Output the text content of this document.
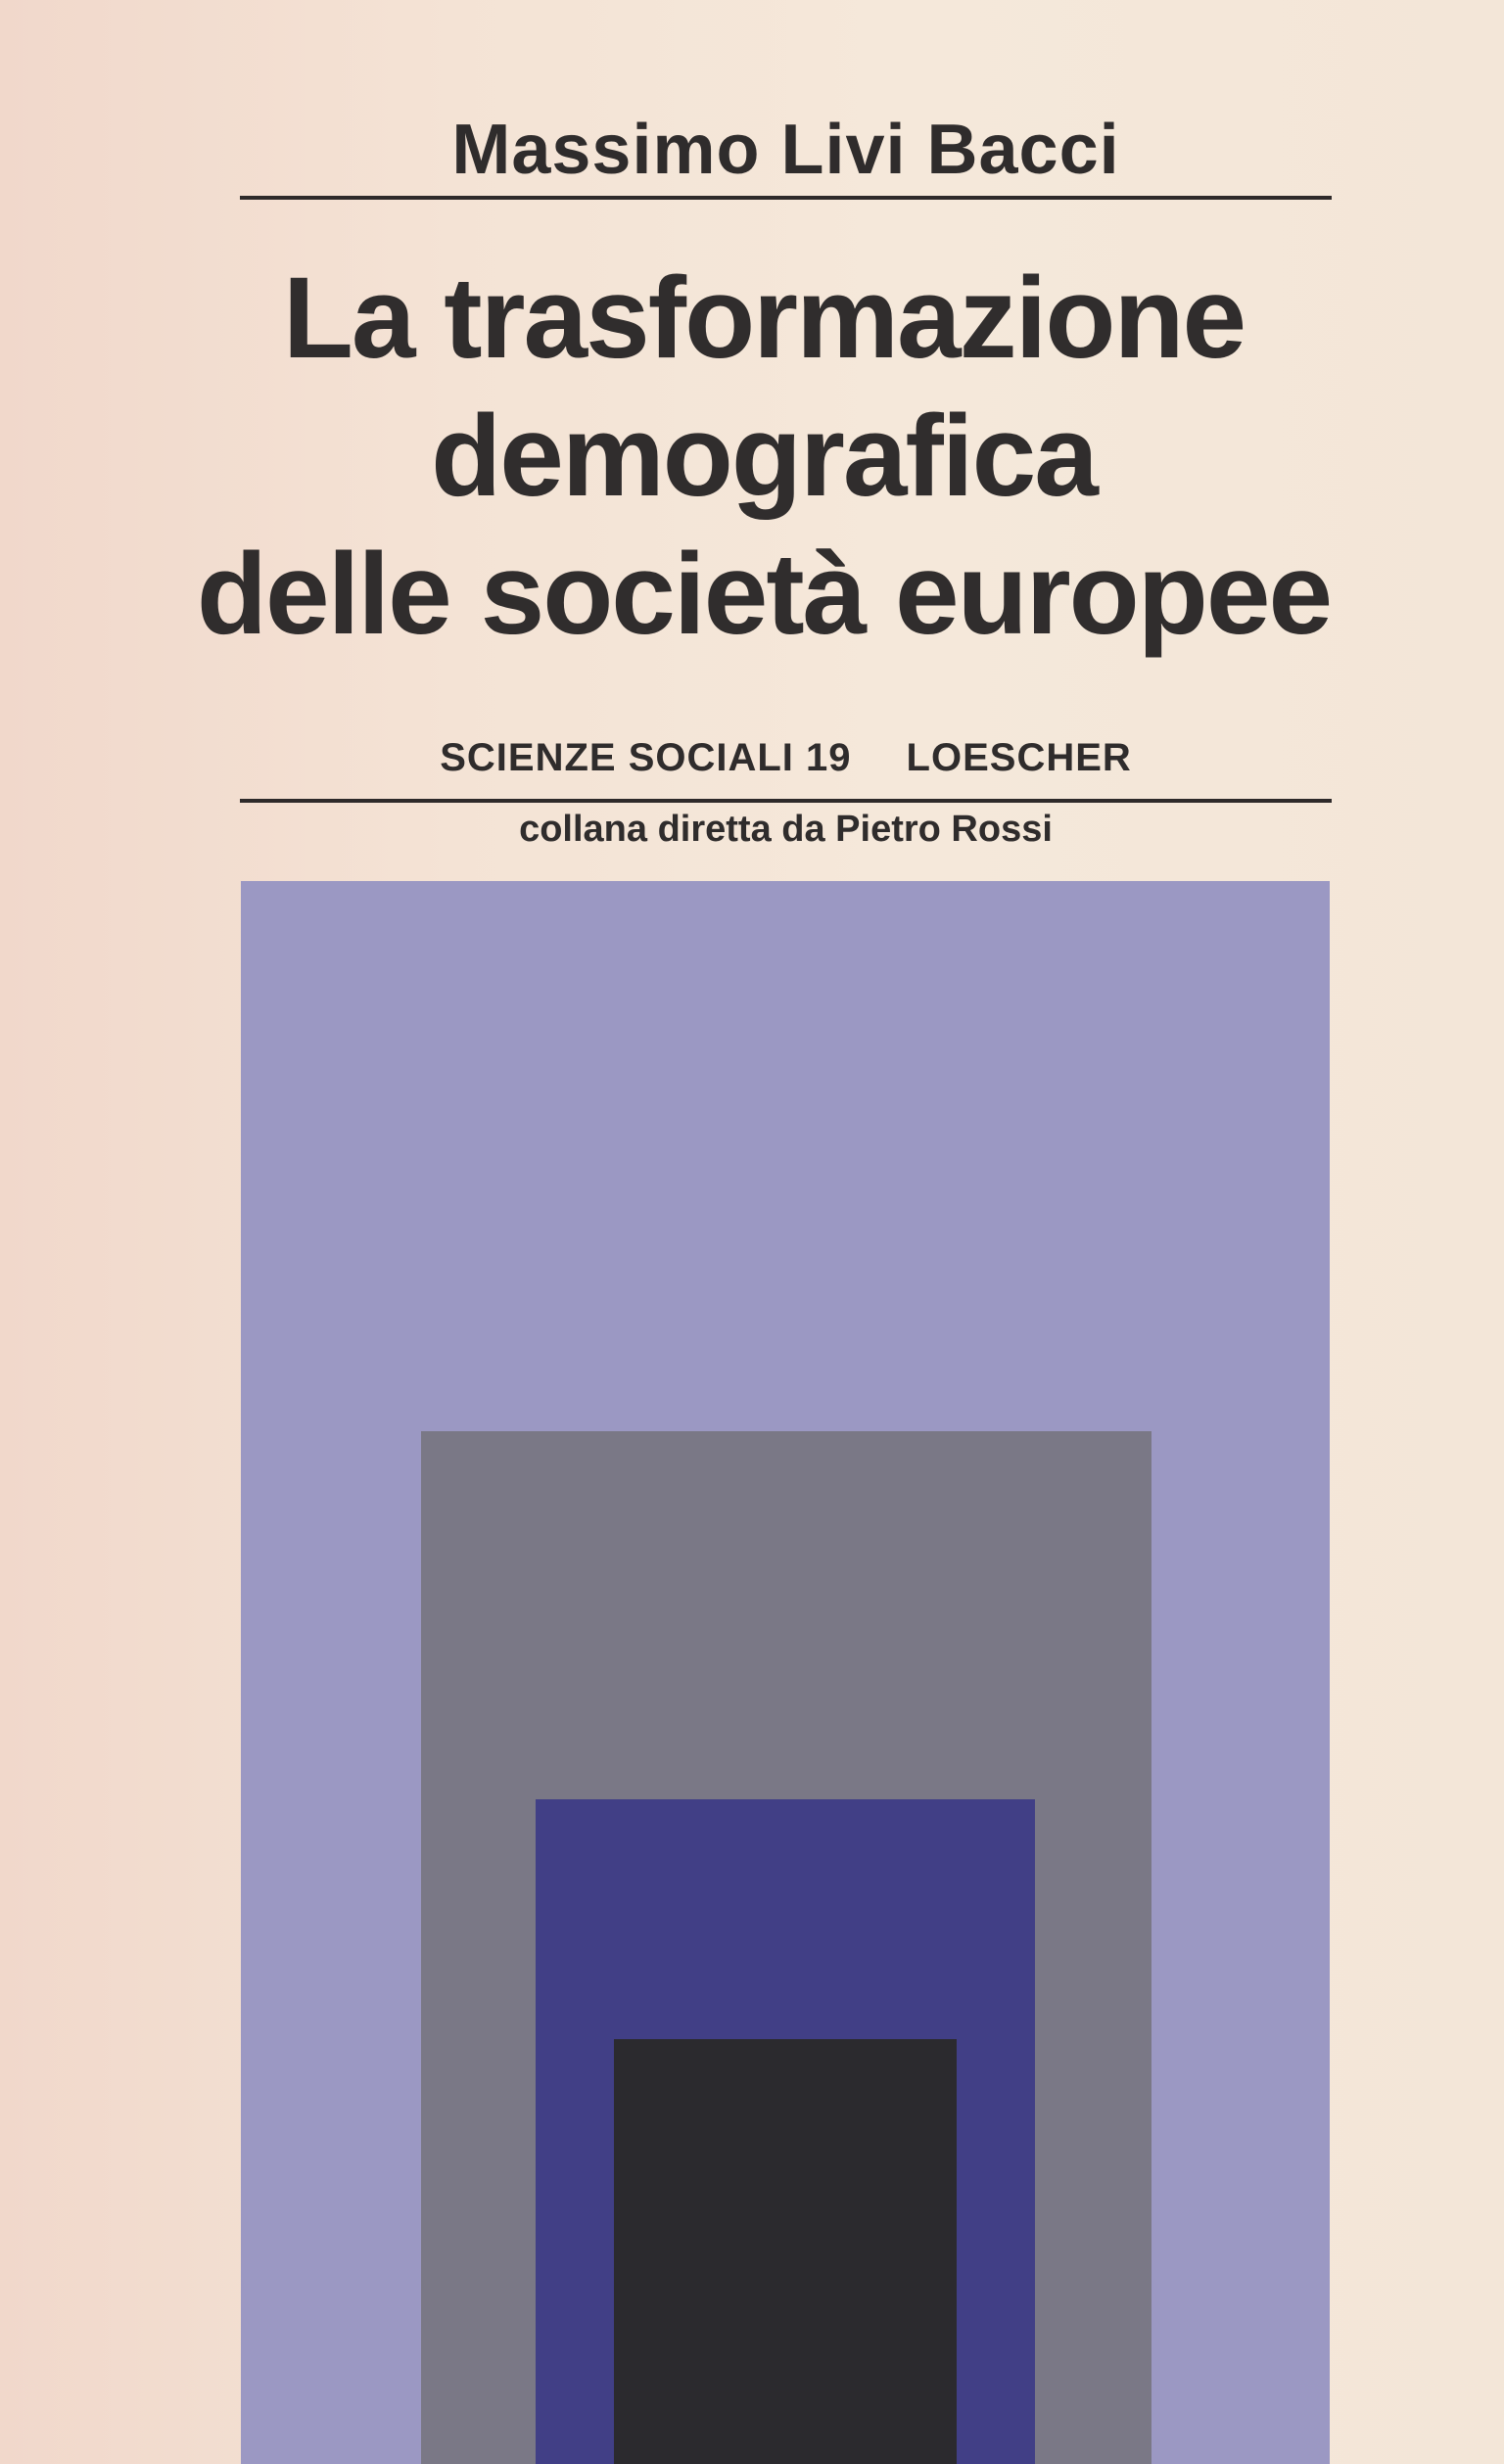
Massimo Livi Bacci
La trasformazione
demografica
delle società europee
SCIENZE SOCIALI 19 LOESCHER
collana diretta da Pietro Rossi
